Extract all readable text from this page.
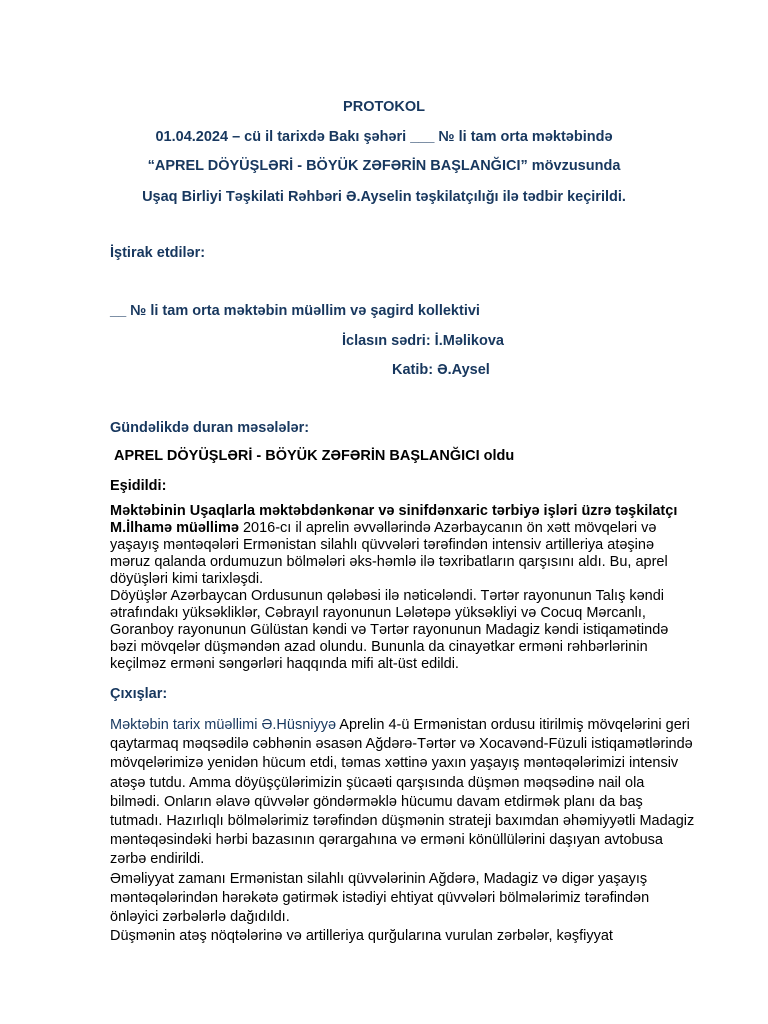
PROTOKOL
01.04.2024 – cü il tarixdə Bakı şəhəri ___ № li tam orta məktəbində
“APREL DÖYÜŞLƏRİ - BÖYÜK ZƏFƏRİN BAŞLANĞICI” mövzusunda
Uşaq Birliyi Təşkilati Rəhbəri Ə.Ayselin təşkilatçılığı ilə tədbir keçirildi.
İştirak etdilər:
__ № li tam orta məktəbin müəllim və şagird kollektivi
İclasın sədri: İ.Məlikova
Katib: Ə.Aysel
Gündəlikdə duran məsələlər:
APREL DÖYÜŞLƏRİ - BÖYÜK ZƏFƏRİN BAŞLANĞICI oldu
Eşidildi:
Məktəbinin Uşaqlarla məktəbdənkənar və sinifdənxaric tərbiyə işləri üzrə təşkilatçı M.İlhamə müəllimə 2016-cı il aprelin əvvəllərində Azərbaycanın ön xətt mövqeləri və yaşayış məntəqələri Ermənistan silahlı qüvvələri tərəfindən intensiv artilleriya atəşinə məruz qalanda ordumuzun bölmələri əks-həmlə ilə təxribatların qarşısını aldı. Bu, aprel döyüşləri kimi tarixləşdi.
Döyüşlər Azərbaycan Ordusunun qələbəsi ilə nəticələndi. Tərtər rayonunun Talış kəndi ətrafındakı yüksəkliklər, Cəbrayıl rayonunun Lələtəpə yüksəkliyi və Cocuq Mərcanlı, Goranboy rayonunun Gülüstan kəndi və Tərtər rayonunun Madagiz kəndi istiqamətində bəzi mövqelər düşməndən azad olundu. Bununla da cinayətkar erməni rəhbərlərinin keçilməz erməni səngərləri haqqında mifi alt-üst edildi.
Çıxışlar:
Məktəbin tarix müəllimi Ə.Hüsniyyə Aprelin 4-ü Ermənistan ordusu itirilmiş mövqelərini geri qaytarmaq məqsədilə cəbhənin əsasən Ağdərə-Tərtər və Xocavənd-Füzuli istiqamətlərində mövqelərimizə yenidən hücum etdi, təmas xəttinə yaxın yaşayış məntəqələrimizi intensiv atəşə tutdu. Amma döyüşçülərimizin şücaəti qarşısında düşmən məqsədinə nail ola bilmədi. Onların əlavə qüvvələr göndərməklə hücumu davam etdirmək planı da baş tutmadı. Hazırlıqlı bölmələrimiz tərəfindən düşmənin strateji baxımdan əhəmiyyətli Madagiz məntəqəsindəki hərbi bazasının qərargahına və erməni könüllülərini daşıyan avtobusa zərbə endirildi.
Əməliyyat zamanı Ermənistan silahlı qüvvələrinin Ağdərə, Madagiz və digər yaşayış məntəqələrindən hərəkətə gətirmək istədiyi ehtiyat qüvvələri bölmələrimiz tərəfindən önləyici zərbələrlə dağıdıldı.
Düşmənin atəş nöqtələrinə və artilleriya qurğularına vurulan zərbələr, kəşfiyyat
